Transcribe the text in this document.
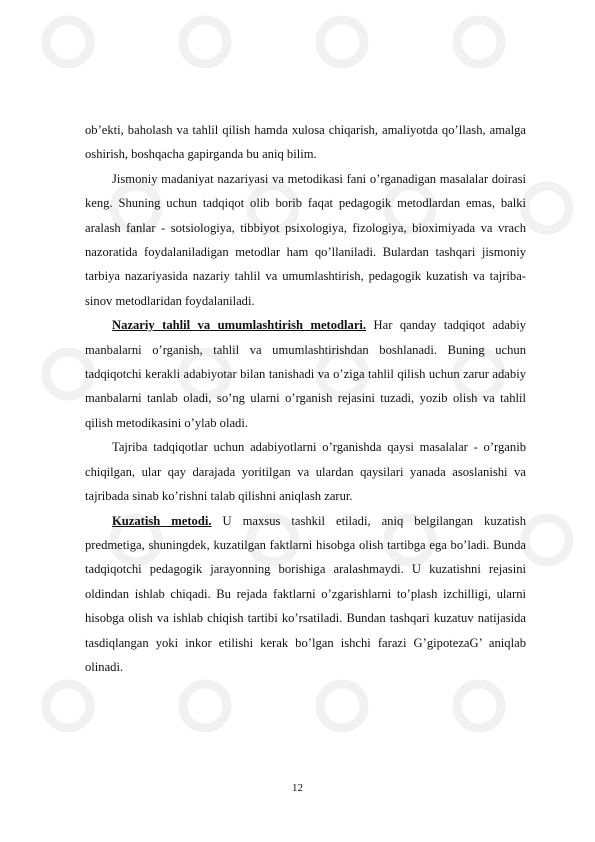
ob’ekti, baholash va tahlil qilish hamda xulosa chiqarish, amaliyotda qo’llash, amalga oshirish, boshqacha gapirganda bu aniq bilim.

Jismoniy madaniyat nazariyasi va metodikasi fani o’rganadigan masalalar doirasi keng. Shuning uchun tadqiqot olib borib faqat pedagogik metodlardan emas, balki aralash fanlar - sotsiologiya, tibbiyot psixologiya, fizologiya, bioximiyada va vrach nazoratida foydalaniladigan metodlar ham qo’llaniladi. Bulardan tashqari jismoniy tarbiya nazariyasida nazariy tahlil va umumlashtirish, pedagogik kuzatish va tajriba-sinov metodlaridan foydalaniladi.

Nazariy tahlil va umumlashtirish metodlari. Har qanday tadqiqot adabiy manbalarni o’rganish, tahlil va umumlashtirishdan boshlanadi. Buning uchun tadqiqotchi kerakli adabiyotar bilan tanishadi va o’ziga tahlil qilish uchun zarur adabiy manbalarni tanlab oladi, so’ng ularni o’rganish rejasini tuzadi, yozib olish va tahlil qilish metodikasini o’ylab oladi.

Tajriba tadqiqotlar uchun adabiyotlarni o’rganishda qaysi masalalar - o’rganib chiqilgan, ular qay darajada yoritilgan va ulardan qaysilari yanada asoslanishi va tajribada sinab ko’rishni talab qilishni aniqlash zarur.

Kuzatish metodi. U maxsus tashkil etiladi, aniq belgilangan kuzatish predmetiga, shuningdek, kuzatilgan faktlarni hisobga olish tartibga ega bo’ladi. Bunda tadqiqotchi pedagogik jarayonning borishiga aralashmaydi. U kuzatishni rejasini oldindan ishlab chiqadi. Bu rejada faktlarni o’zgarishlarni to’plash izchilligi, ularni hisobga olish va ishlab chiqish tartibi ko’rsatiladi. Bundan tashqari kuzatuv natijasida tasdiqlangan yoki inkor etilishi kerak bo’lgan ishchi farazi G’gipotezaG’ aniqlab olinadi.

12
